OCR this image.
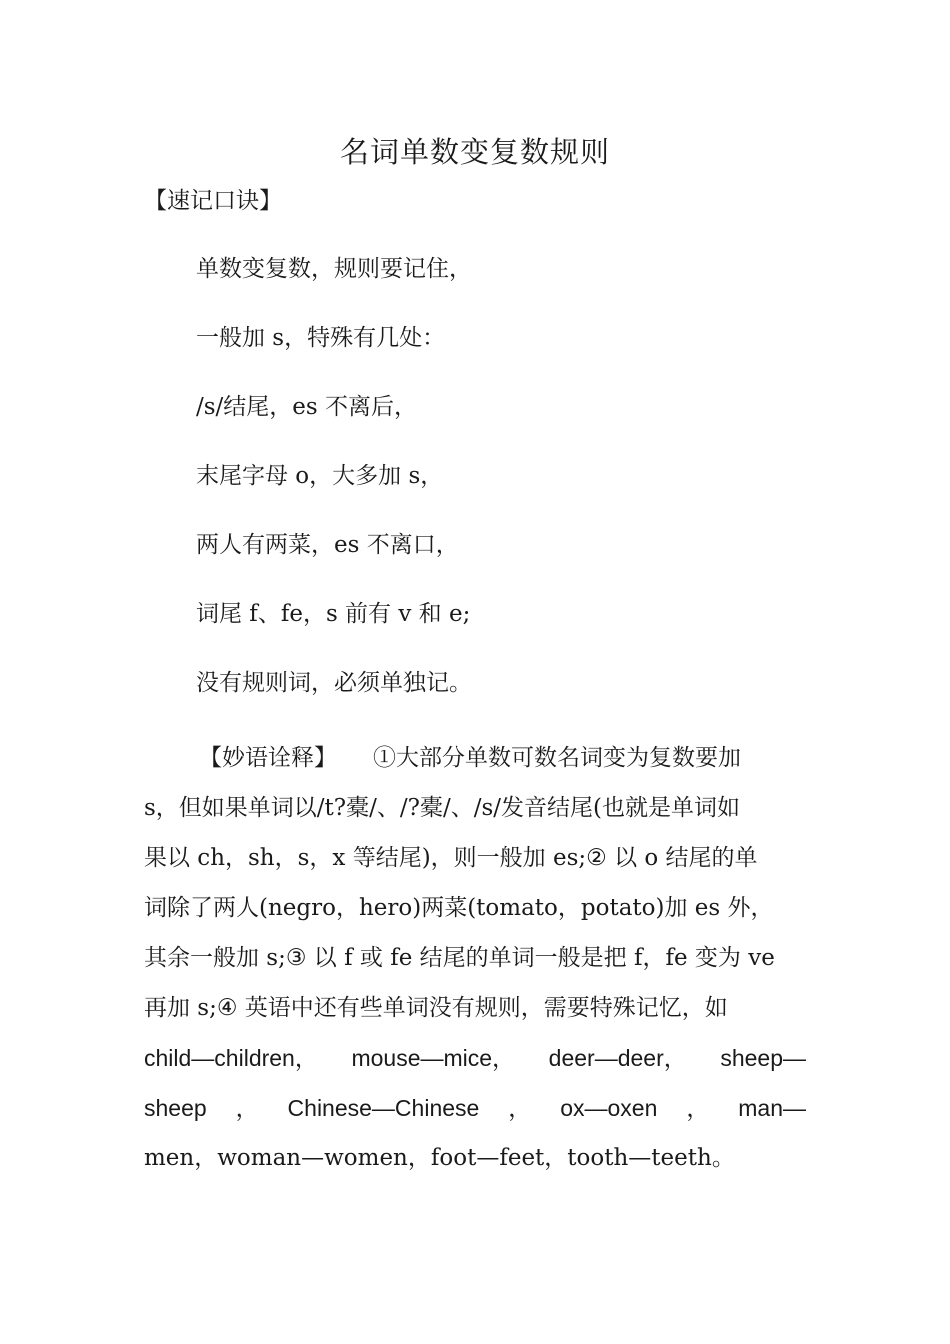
名词单数变复数规则
【速记口诀】
单数变复数，规则要记住，
一般加 s，特殊有几处：
/s/结尾，es 不离后，
末尾字母 o，大多加 s，
两人有两菜，es 不离口，
词尾 f、fe，s 前有 v 和 e;
没有规则词，必须单独记。
【妙语诠释】 ①大部分单数可数名词变为复数要加
s，但如果单词以/t?橐/、/?橐/、/s/发音结尾(也就是单词如
果以 ch，sh，s，x 等结尾)，则一般加 es;② 以 o 结尾的单
词除了两人(negro，hero)两菜(tomato，potato)加 es 外，
其余一般加 s;③ 以 f 或 fe 结尾的单词一般是把 f，fe 变为 ve
再加 s;④ 英语中还有些单词没有规则，需要特殊记忆，如
child—children， mouse—mice， deer—deer， sheep—
sheep ， Chinese—Chinese ， ox—oxen ， man—
men，woman—women，foot—feet，tooth—teeth。
